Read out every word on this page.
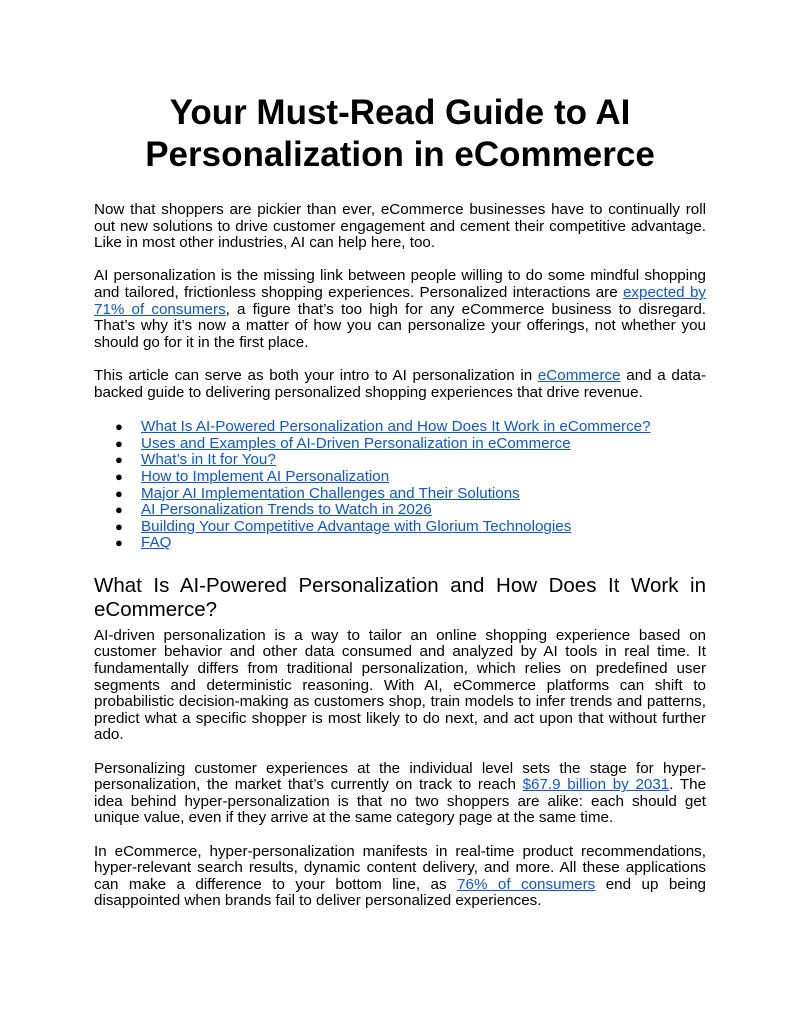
Your Must-Read Guide to AI Personalization in eCommerce

Now that shoppers are pickier than ever, eCommerce businesses have to continually roll out new solutions to drive customer engagement and cement their competitive advantage. Like in most other industries, AI can help here, too.

AI personalization is the missing link between people willing to do some mindful shopping and tailored, frictionless shopping experiences. Personalized interactions are expected by 71% of consumers, a figure that’s too high for any eCommerce business to disregard. That’s why it’s now a matter of how you can personalize your offerings, not whether you should go for it in the first place.

This article can serve as both your intro to AI personalization in eCommerce and a data-backed guide to delivering personalized shopping experiences that drive revenue.

● What Is AI-Powered Personalization and How Does It Work in eCommerce?
● Uses and Examples of AI-Driven Personalization in eCommerce
● What’s in It for You?
● How to Implement AI Personalization
● Major AI Implementation Challenges and Their Solutions
● AI Personalization Trends to Watch in 2026
● Building Your Competitive Advantage with Glorium Technologies
● FAQ
What Is AI-Powered Personalization and How Does It Work in eCommerce?

AI-driven personalization is a way to tailor an online shopping experience based on customer behavior and other data consumed and analyzed by AI tools in real time. It fundamentally differs from traditional personalization, which relies on predefined user segments and deterministic reasoning. With AI, eCommerce platforms can shift to probabilistic decision-making as customers shop, train models to infer trends and patterns, predict what a specific shopper is most likely to do next, and act upon that without further ado.

Personalizing customer experiences at the individual level sets the stage for hyper-personalization, the market that’s currently on track to reach $67.9 billion by 2031. The idea behind hyper-personalization is that no two shoppers are alike: each should get unique value, even if they arrive at the same category page at the same time.

In eCommerce, hyper-personalization manifests in real-time product recommendations, hyper-relevant search results, dynamic content delivery, and more. All these applications can make a difference to your bottom line, as 76% of consumers end up being disappointed when brands fail to deliver personalized experiences.
